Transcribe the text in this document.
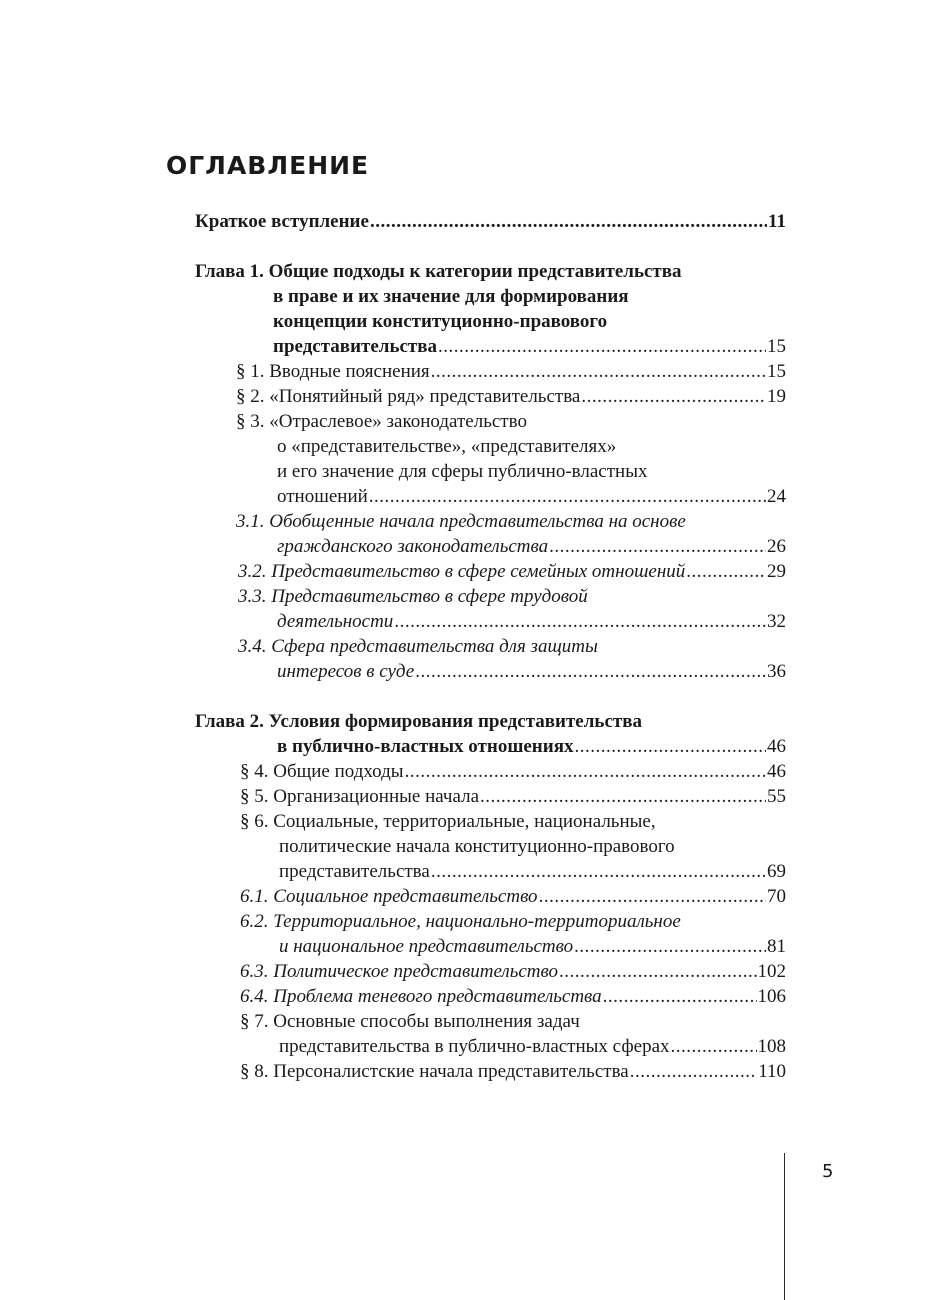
ОГЛАВЛЕНИЕ
Краткое вступление .....	11
Глава 1. Общие подходы к категории представительства
в праве и их значение для формирования
концепции конституционно-правового
представительства .....	15
§ 1. Вводные пояснения .....	15
§ 2. «Понятийный ряд» представительства .....	19
§ 3. «Отраслевое» законодательство
о «представительстве», «представителях»
и его значение для сферы публично-властных
отношений .....	24
3.1. Обобщенные начала представительства на основе
гражданского законодательства .....	26
3.2. Представительство в сфере семейных отношений .....	29
3.3. Представительство в сфере трудовой
деятельности .....	32
3.4. Сфера представительства для защиты
интересов в суде .....	36
Глава 2. Условия формирования представительства
в публично-властных отношениях .....	46
§ 4. Общие подходы .....	46
§ 5. Организационные начала .....	55
§ 6. Социальные, территориальные, национальные,
политические начала конституционно-правового
представительства .....	69
6.1. Социальное представительство .....	70
6.2. Территориальное, национально-территориальное
и национальное представительство .....	81
6.3. Политическое представительство .....	102
6.4. Проблема теневого представительства .....	106
§ 7. Основные способы выполнения задач
представительства в публично-властных сферах .....	108
§ 8. Персоналистские начала представительства .....	110
5
